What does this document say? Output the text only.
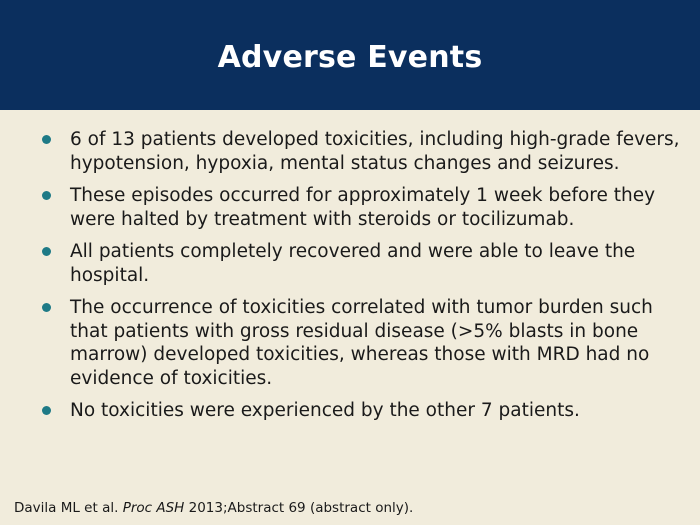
Adverse Events
6 of 13 patients developed toxicities, including high-grade fevers, hypotension, hypoxia, mental status changes and seizures.
These episodes occurred for approximately 1 week before they were halted by treatment with steroids or tocilizumab.
All patients completely recovered and were able to leave the hospital.
The occurrence of toxicities correlated with tumor burden such that patients with gross residual disease (>5% blasts in bone marrow) developed toxicities, whereas those with MRD had no evidence of toxicities.
No toxicities were experienced by the other 7 patients.
Davila ML et al. Proc ASH 2013;Abstract 69 (abstract only).
